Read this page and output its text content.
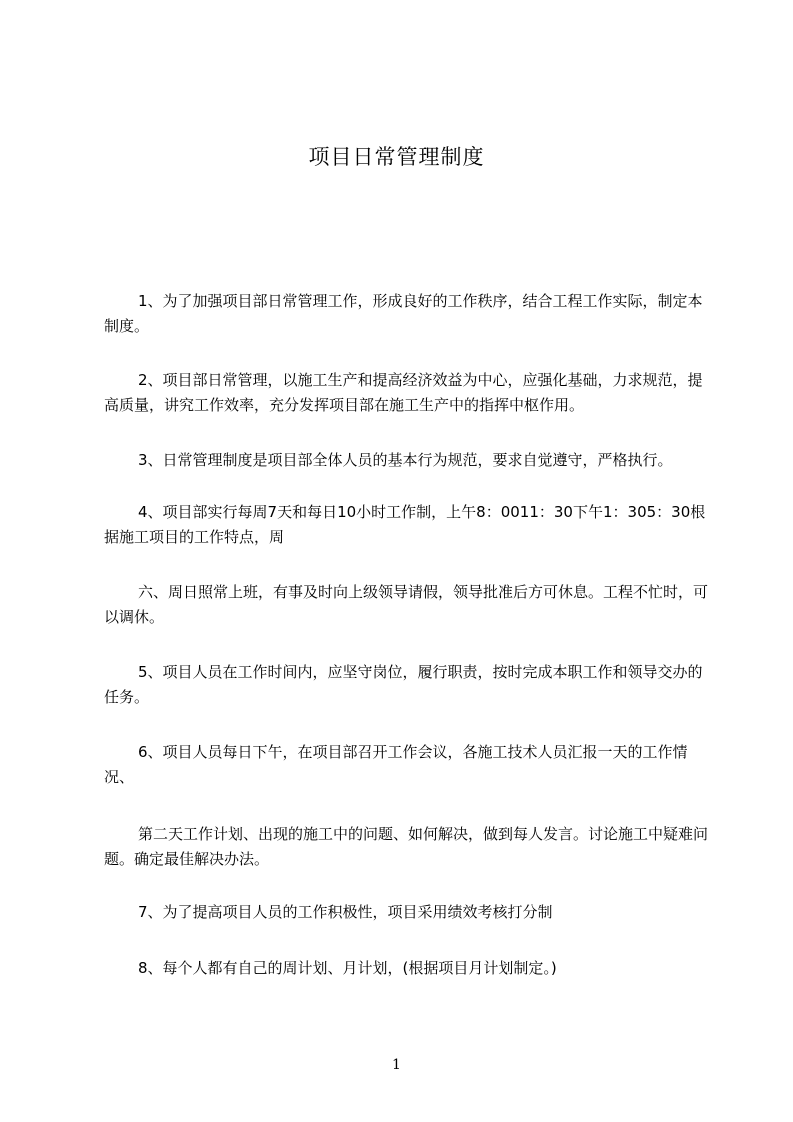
项目日常管理制度

1、为了加强项目部日常管理工作，形成良好的工作秩序，结合工程工作实际，制定本制度。

2、项目部日常管理，以施工生产和提高经济效益为中心，应强化基础，力求规范，提高质量，讲究工作效率，充分发挥项目部在施工生产中的指挥中枢作用。

3、日常管理制度是项目部全体人员的基本行为规范，要求自觉遵守，严格执行。

4、项目部实行每周7天和每日10小时工作制，上午8：0011：30下午1：305：30根据施工项目的工作特点，周

六、周日照常上班，有事及时向上级领导请假，领导批准后方可休息。工程不忙时，可以调休。

5、项目人员在工作时间内，应坚守岗位，履行职责，按时完成本职工作和领导交办的任务。

6、项目人员每日下午，在项目部召开工作会议，各施工技术人员汇报一天的工作情况、

第二天工作计划、出现的施工中的问题、如何解决，做到每人发言。讨论施工中疑难问题。确定最佳解决办法。

7、为了提高项目人员的工作积极性，项目采用绩效考核打分制

8、每个人都有自己的周计划、月计划，(根据项目月计划制定。)

1
